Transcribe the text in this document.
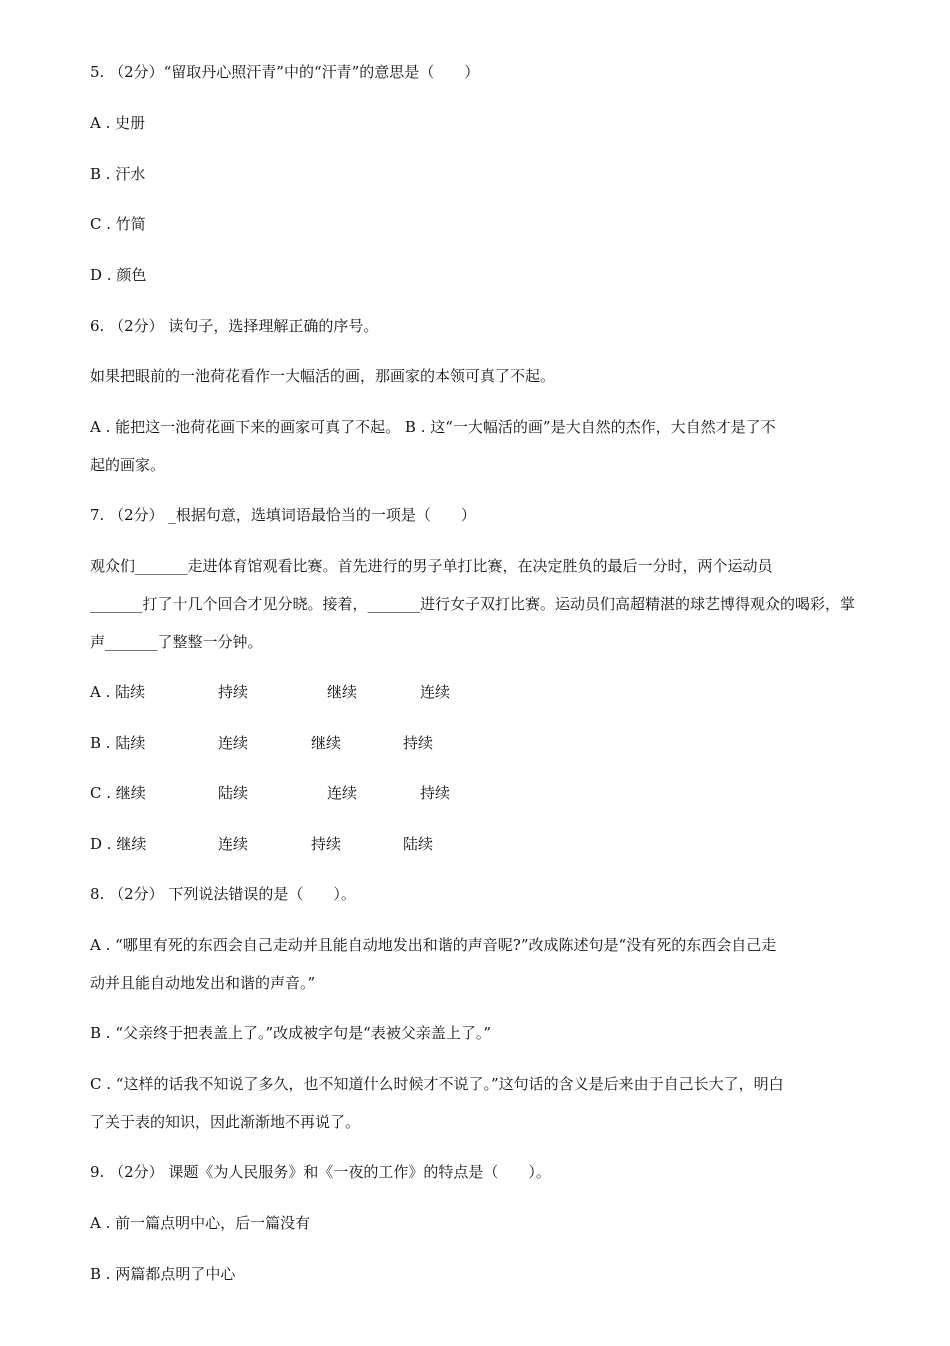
5. （2分）“留取丹心照汗青”中的“汗青”的意思是（　　）
A . 史册
B . 汗水
C . 竹简
D . 颜色
6. （2分） 读句子，选择理解正确的序号。
如果把眼前的一池荷花看作一大幅活的画，那画家的本领可真了不起。
A . 能把这一池荷花画下来的画家可真了不起。 B . 这“一大幅活的画”是大自然的杰作，大自然才是了不
起的画家。
7. （2分） _根据句意，选填词语最恰当的一项是（　　）
观众们_______走进体育馆观看比赛。首先进行的男子单打比赛，在决定胜负的最后一分时，两个运动员
_______打了十几个回合才见分晓。接着，_______进行女子双打比赛。运动员们高超精湛的球艺博得观众的喝彩，掌
声_______了整整一分钟。
A . 陆续	持续	继续	连续
B . 陆续	连续	继续	持续
C . 继续	陆续	连续	持续
D . 继续	连续	持续	陆续
8. （2分） 下列说法错误的是（　　）。
A . “哪里有死的东西会自己走动并且能自动地发出和谐的声音呢?”改成陈述句是“没有死的东西会自己走
动并且能自动地发出和谐的声音。”
B . “父亲终于把表盖上了。”改成被字句是“表被父亲盖上了。”
C . “这样的话我不知说了多久，也不知道什么时候才不说了。”这句话的含义是后来由于自己长大了，明白
了关于表的知识，因此渐渐地不再说了。
9. （2分） 课题《为人民服务》和《一夜的工作》的特点是（　　）。
A . 前一篇点明中心，后一篇没有
B . 两篇都点明了中心
